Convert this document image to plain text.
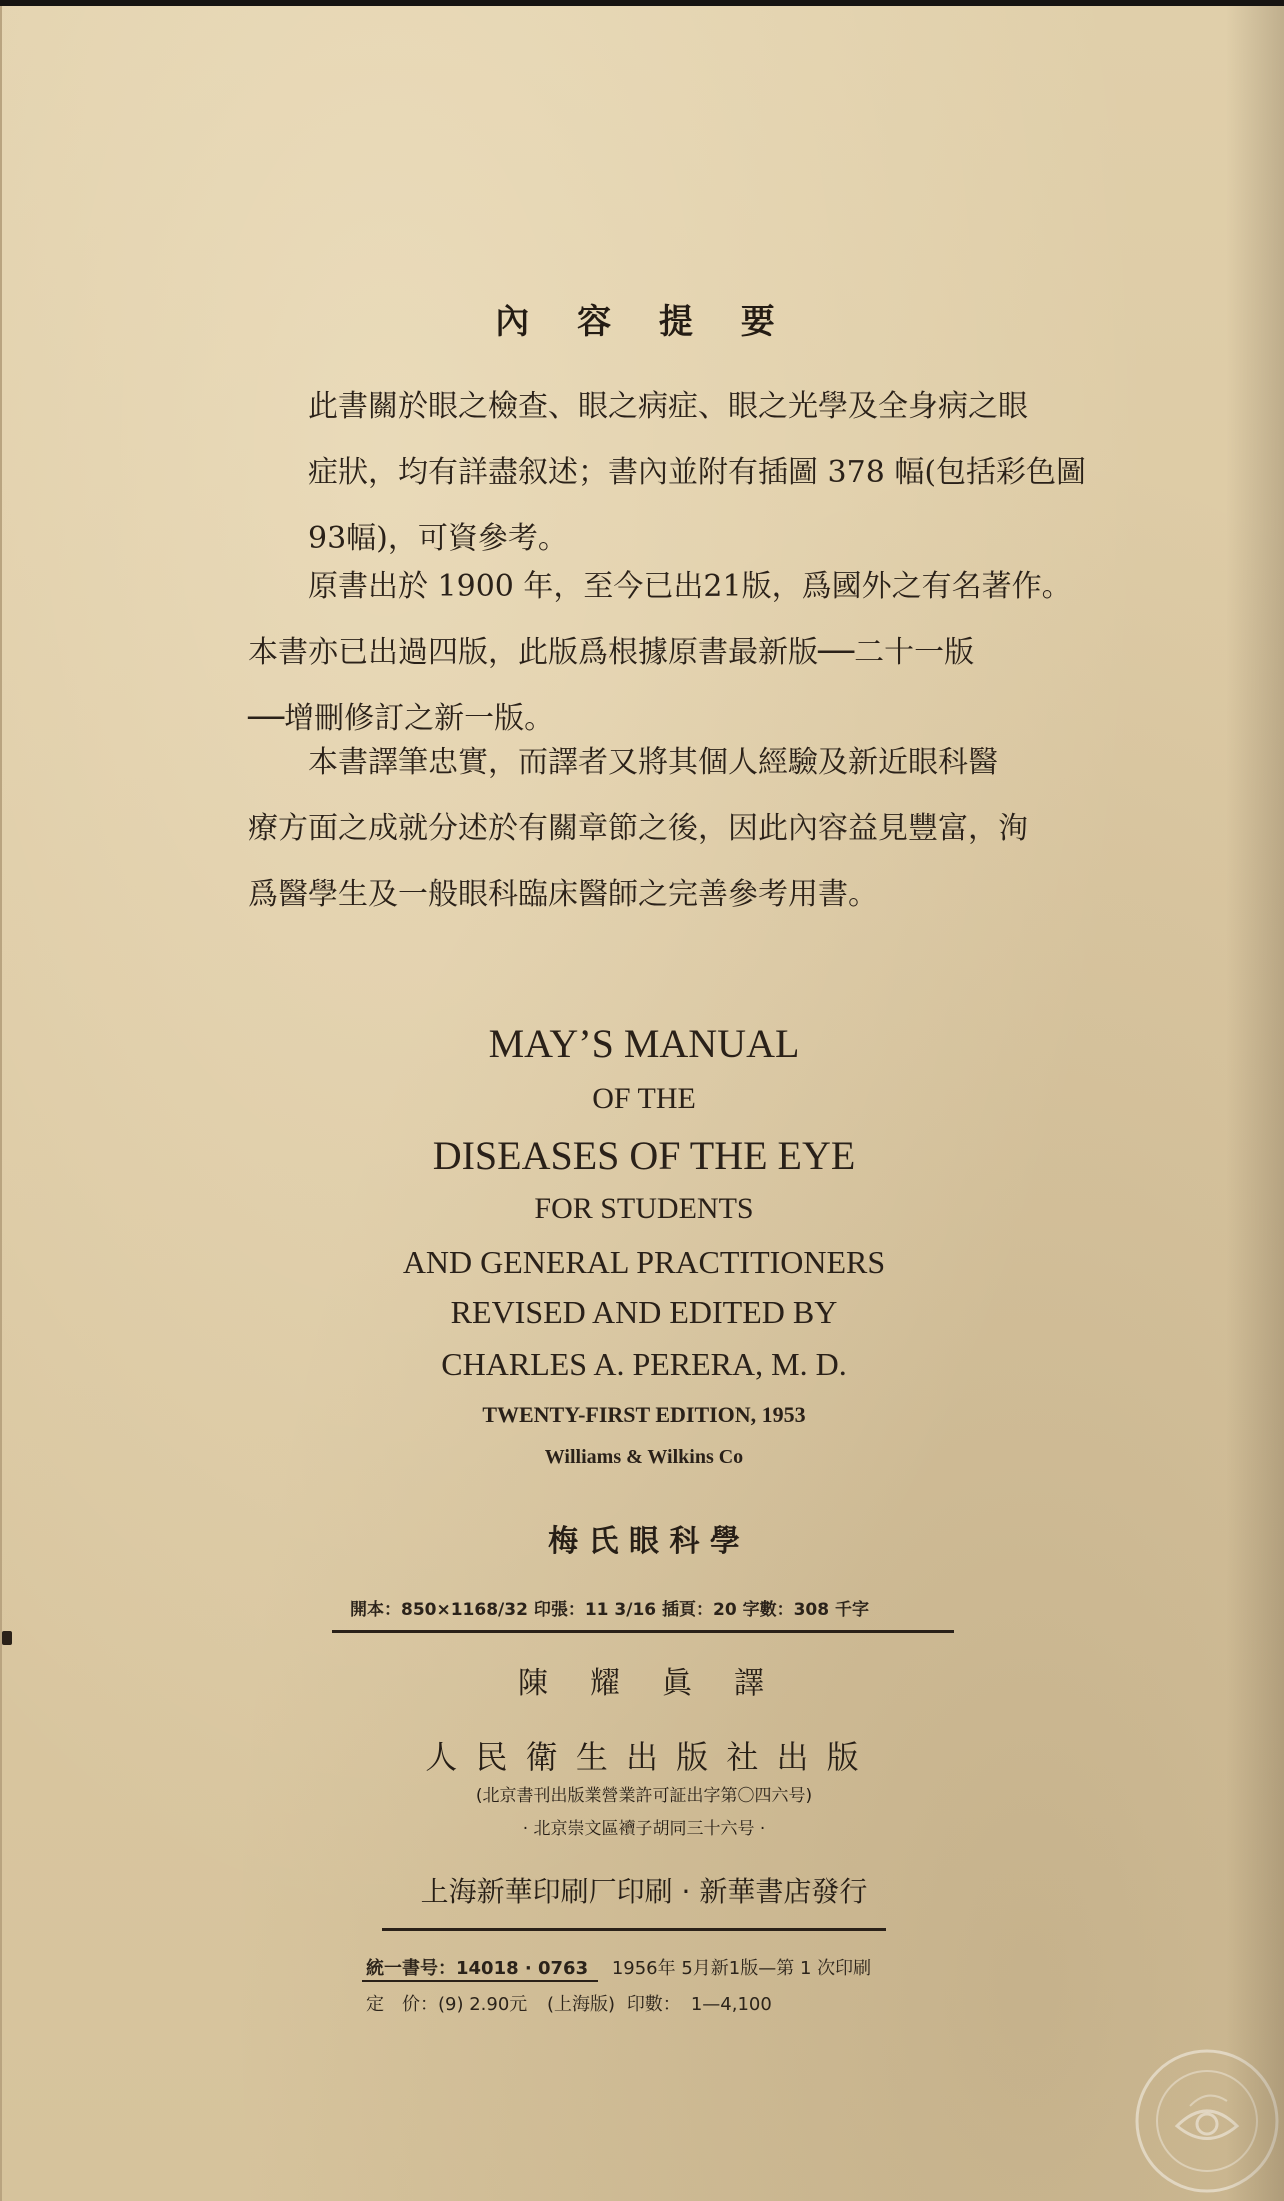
內 容 提 要
此書關於眼之檢查、眼之病症、眼之光學及全身病之眼
症狀，均有詳盡叙述；書內並附有插圖 378 幅(包括彩色圖
93幅)，可資參考。
原書出於 1900 年，至今已出21版，爲國外之有名著作。
本書亦已出過四版，此版爲根據原書最新版──二十一版
──增刪修訂之新一版。
本書譯筆忠實，而譯者又將其個人經驗及新近眼科醫
療方面之成就分述於有關章節之後，因此內容益見豐富，洵
爲醫學生及一般眼科臨床醫師之完善參考用書。
MAY’S MANUAL
OF THE
DISEASES OF THE EYE
FOR STUDENTS
AND GENERAL PRACTITIONERS
REVISED AND EDITED BY
CHARLES A. PERERA, M. D.
TWENTY-FIRST EDITION, 1953
Williams & Wilkins Co
梅 氏 眼 科 學
開本：850×1168/32 印張：11 3/16 插頁：20 字數：308 千字
陳　耀　眞　譯
人 民 衛 生 出 版 社 出 版
(北京書刊出版業營業許可証出字第〇四六号)
· 北京崇文區𧟎子胡同三十六号 ·
上海新華印刷厂印刷 · 新華書店發行
統一書号：14018 · 0763 1956年 5月新1版—第 1 次印刷
定　价：(9) 2.90元 (上海版) 印數： 1—4,100
